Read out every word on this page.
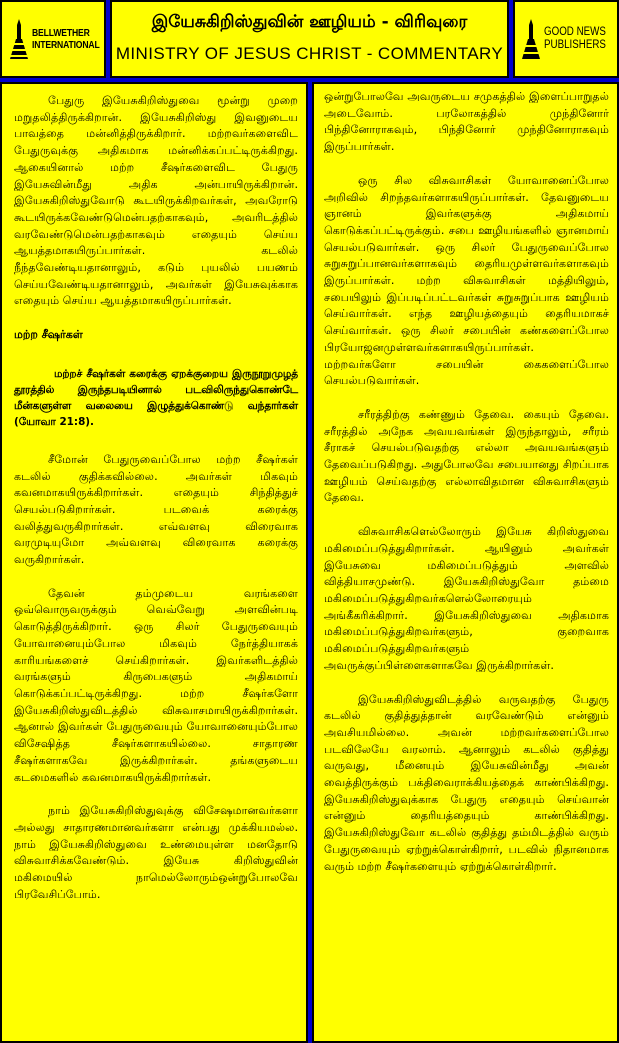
BELLWETHER
INTERNATIONAL
இயேசுகிறிஸ்துவின் ஊழியம் - விரிவுரை
MINISTRY OF JESUS CHRIST - COMMENTARY
GOOD NEWS
PUBLISHERS

பேதுரு இயேசுகிறிஸ்துவை மூன்று முறை மறுதலித்திருக்கிறான். இயேசுகிறிஸ்து இவனுடைய பாவத்தை மன்னித்திருக்கிறார். மற்றவர்களைவிட பேதுருவுக்கு அதிகமாக மன்னிக்கப்பட்டிருக்கிறது. ஆகையினால் மற்ற சீஷர்களைவிட பேதுரு இயேசுவின்மீது அதிக அன்பாயிருக்கிறான். இயேசுகிறிஸ்துவோடு கூடயிருக்கிறவர்கள், அவரோடு கூடயிருக்கவேண்டுமென்பதற்காகவும், அவரிடத்தில் வரவேண்டுமென்பதற்காகவும் எதையும் செய்ய ஆயத்தமாகயிருப்பார்கள். கடலில் நீந்தவேண்டியதானாலும், கடும் புயலில் பயணம் செய்யவேண்டியதானாலும், அவர்கள் இயேசுவுக்காக எதையும் செய்ய ஆயத்தமாகயிருப்பார்கள்.

மற்ற சீஷர்கள்

மற்றச் சீஷர்கள் கரைக்கு ஏறக்குறைய இருநூறுமுழத் தூரத்தில் இருந்தபடியினால் படவிலிருந்துகொண்டே மீன்களுள்ள வலையை இழுத்துக்கொண்டு வந்தார்கள் (யோவா 21:8).

சீமோன் பேதுருவைப்போல மற்ற சீஷர்கள் கடலில் குதிக்கவில்லை. அவர்கள் மிகவும் கவனமாகயிருக்கிறார்கள். எதையும் சிந்தித்துச் செயல்படுகிறார்கள். படவைக் கரைக்கு வலித்துவருகிறார்கள். எவ்வளவு விரைவாக வரமுடியுமோ அவ்வளவு விரைவாக கரைக்கு வருகிறார்கள்.

தேவன் தம்முடைய வரங்களை ஒவ்வொருவருக்கும் வெவ்வேறு அளவின்படி கொடுத்திருக்கிறார். ஒரு சிலர் பேதுருவையும் யோவானையும்போல மிகவும் நேர்த்தியாகக் காரியங்களைச் செய்கிறார்கள். இவர்களிடத்தில் வரங்களும் கிருபைகளும் அதிகமாய் கொடுக்கப்பட்டிருக்கிறது. மற்ற சீஷர்களோ இயேசுகிறிஸ்துவிடத்தில் விசுவாசமாயிருக்கிறார்கள். ஆனால் இவர்கள் பேதுருவையும் யோவானையும்போல விசேஷித்த சீஷர்களாகயில்லை. சாதாரண சீஷர்களாகவே இருக்கிறார்கள். தங்களுடைய கடமைகளில் கவனமாகயிருக்கிறார்கள்.

நாம் இயேசுகிறிஸ்துவுக்கு விசேஷமானவர்களா அல்லது சாதாரணமானவர்களா என்பது முக்கியமல்ல. நாம் இயேசுகிறிஸ்துவை உண்மையுள்ள மனதோடு விசுவாசிக்கவேண்டும். இயேசு கிறிஸ்துவின் மகிமையில் நாமெல்லோரும்ஒன்றுபோலவே பிரவேசிப்போம்.

ஒன்றுபோலவே அவருடைய சமுகத்தில் இளைப்பாறுதல் அடைவோம். பரலோகத்தில் முந்தினோர் பிந்தினோராகவும், பிந்தினோர் முந்தினோராகவும் இருப்பார்கள்.

ஒரு சில விசுவாசிகள் யோவானைப்போல அறிவில் சிறந்தவர்களாகயிருப்பார்கள். தேவனுடைய ஞானம் இவர்களுக்கு அதிகமாய் கொடுக்கப்பட்டிருக்கும். சபை ஊழியங்களில் ஞானமாய் செயல்படுவார்கள். ஒரு சிலர் பேதுருவைப்போல சுறுசுறுப்பானவர்களாகவும் தைரியமுள்ளவர்களாகவும் இருப்பார்கள். மற்ற விசுவாசிகள் மத்தியிலும், சபையிலும் இப்படிப்பட்டவர்கள் சுறுசுறுப்பாக ஊழியம் செய்வார்கள். எந்த ஊழியத்தையும் தைரியமாகச் செய்வார்கள். ஒரு சிலர் சபையின் கண்களைப்போல பிரயோஜனமுள்ளவர்களாகயிருப்பார்கள். மற்றவர்களோ சபையின் கைகளைப்போல செயல்படுவார்கள்.

சரீரத்திற்கு கண்ணும் தேவை. கையும் தேவை. சரீரத்தில் அநேக அவயவங்கள் இருந்தாலும், சரீரம் சீராகச் செயல்படுவதற்கு எல்லா அவயவங்களும் தேவைப்படுகிறது. அதுபோலவே சபையானது சிறப்பாக ஊழியம் செய்வதற்கு எல்லாவிதமான விசுவாசிகளும் தேவை.

விசுவாசிகளெல்லோரும் இயேசு கிறிஸ்துவை மகிமைப்படுத்துகிறார்கள். ஆயினும் அவர்கள் இயேசுவை மகிமைப்படுத்தும் அளவில் வித்தியாசமுண்டு. இயேசுகிறிஸ்துவோ தம்மை மகிமைப்படுத்துகிறவர்களெல்லோரையும் அங்கீகரிக்கிறார். இயேசுகிறிஸ்துவை அதிகமாக மகிமைப்படுத்துகிறவர்களும், குறைவாக மகிமைப்படுத்துகிறவர்களும் அவருக்குப்பிள்ளைகளாகவே இருக்கிறார்கள்.

இயேசுகிறிஸ்துவிடத்தில் வருவதற்கு பேதுரு கடலில் குதித்துத்தான் வரவேண்டும் என்னும் அவசியமில்லை. அவன் மற்றவர்களைப்போல படவிலேயே வரலாம். ஆனாலும் கடலில் குதித்து வருவது, மீனையும் இயேசுவின்மீது அவன் வைத்திருக்கும் பக்திவைராக்கியத்தைக் காண்பிக்கிறது. இயேசுகிறிஸ்துவுக்காக பேதுரு எதையும் செய்வான் என்னும் தைரியத்தையும் காண்பிக்கிறது. இயேசுகிறிஸ்துவோ கடலில் குதித்து தம்மிடத்தில் வரும் பேதுருவையும் ஏற்றுக்கொள்கிறார், படவில் நிதானமாக வரும் மற்ற சீஷர்களையும் ஏற்றுக்கொள்கிறார்.
